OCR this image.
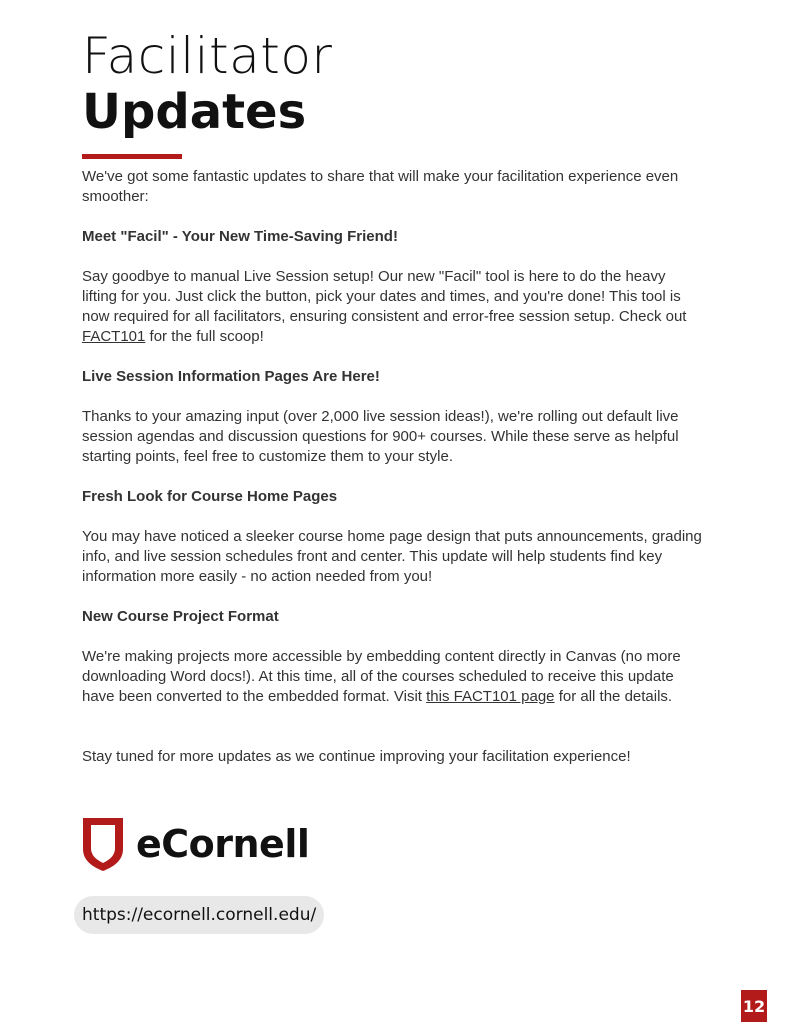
Facilitator
Updates

We've got some fantastic updates to share that will make your facilitation experience even smoother:

Meet "Facil" - Your New Time-Saving Friend!

Say goodbye to manual Live Session setup! Our new "Facil" tool is here to do the heavy lifting for you. Just click the button, pick your dates and times, and you're done! This tool is now required for all facilitators, ensuring consistent and error-free session setup. Check out FACT101 for the full scoop!

Live Session Information Pages Are Here!

Thanks to your amazing input (over 2,000 live session ideas!), we're rolling out default live session agendas and discussion questions for 900+ courses. While these serve as helpful starting points, feel free to customize them to your style.

Fresh Look for Course Home Pages

You may have noticed a sleeker course home page design that puts announcements, grading info, and live session schedules front and center. This update will help students find key information more easily - no action needed from you!

New Course Project Format

We're making projects more accessible by embedding content directly in Canvas (no more downloading Word docs!). At this time, all of the courses scheduled to receive this update have been converted to the embedded format. Visit this FACT101 page for all the details.

Stay tuned for more updates as we continue improving your facilitation experience!

eCornell
https://ecornell.cornell.edu/
12
